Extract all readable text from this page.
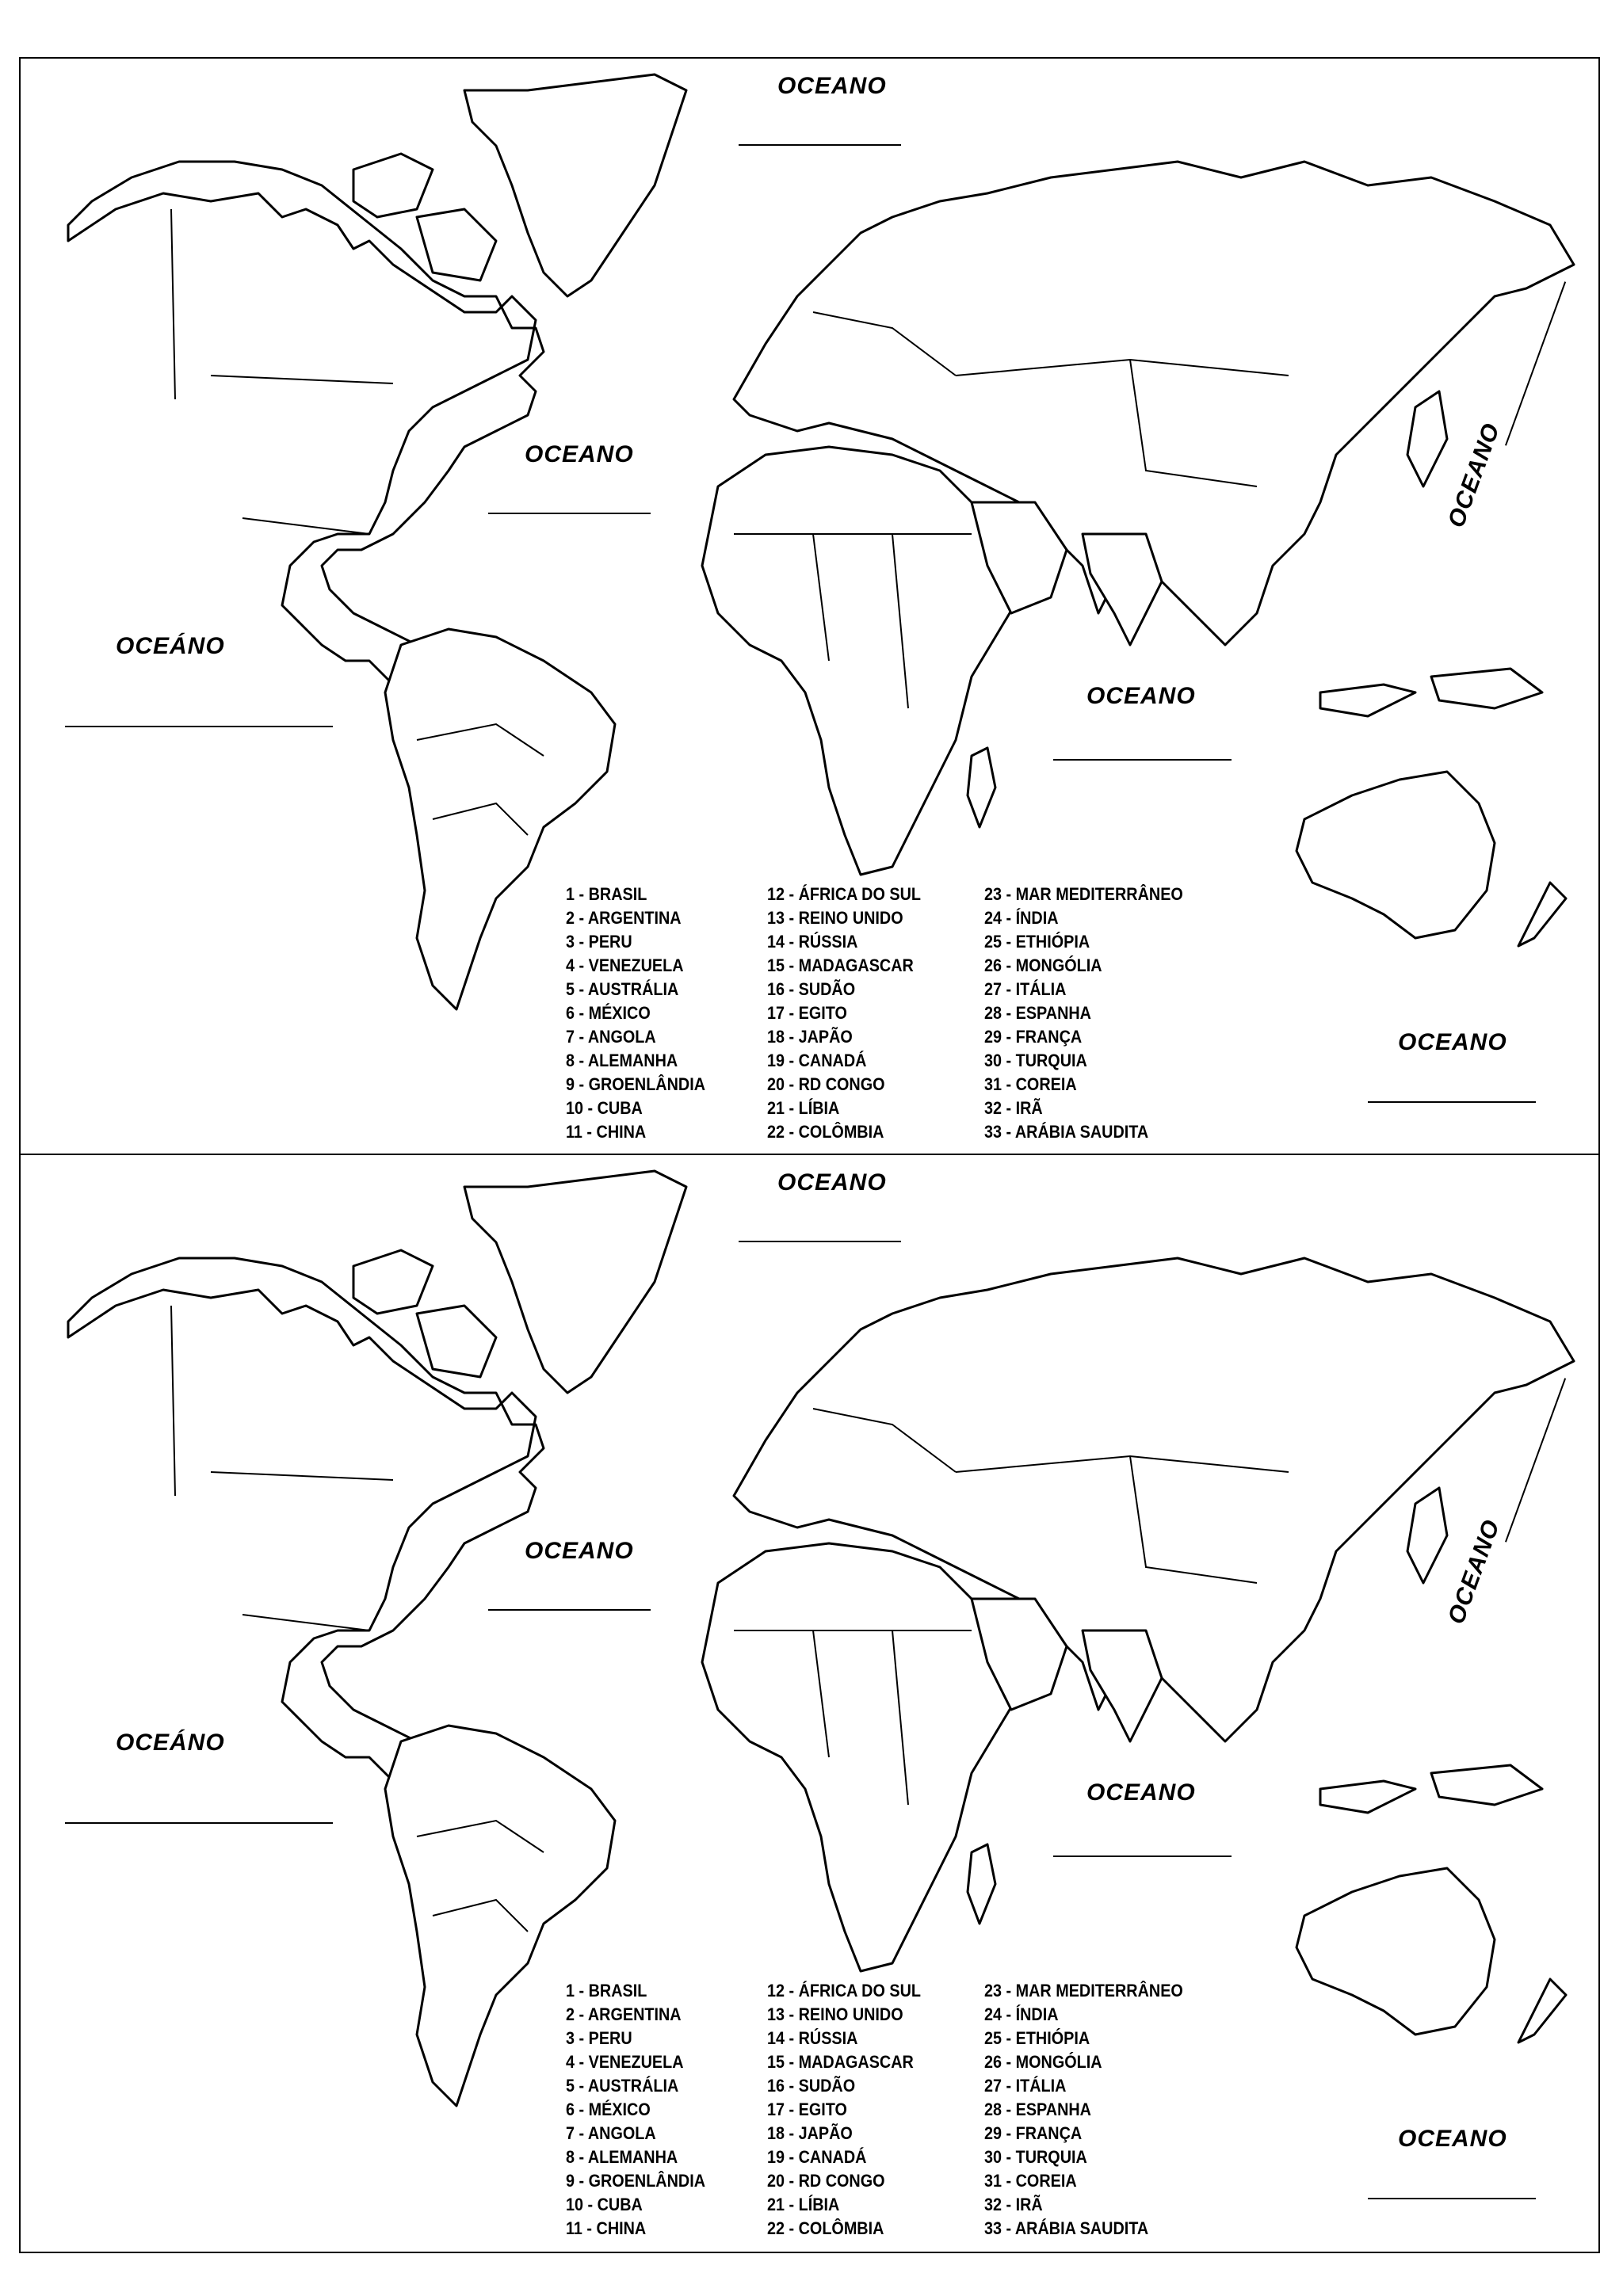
OCEANO
OCEANO
OCEÁNO
OCEANO
OCEANO
OCEANO
1 - BRASIL
2 - ARGENTINA
3 - PERU
4 - VENEZUELA
5 - AUSTRÁLIA
6 - MÉXICO
7 - ANGOLA
8 - ALEMANHA
9 - GROENLÂNDIA
10 - CUBA
11 - CHINA
12 - ÁFRICA DO SUL
13 - REINO UNIDO
14 - RÚSSIA
15 - MADAGASCAR
16 - SUDÃO
17 - EGITO
18 - JAPÃO
19 - CANADÁ
20 - RD CONGO
21 - LÍBIA
22 - COLÔMBIA
23 - MAR MEDITERRÂNEO
24 - ÍNDIA
25 - ETHIÓPIA
26 - MONGÓLIA
27 - ITÁLIA
28 - ESPANHA
29 - FRANÇA
30 - TURQUIA
31 - COREIA
32 - IRÃ
33 - ARÁBIA SAUDITA
OCEANO
OCEANO
OCEÁNO
OCEANO
OCEANO
OCEANO
1 - BRASIL
2 - ARGENTINA
3 - PERU
4 - VENEZUELA
5 - AUSTRÁLIA
6 - MÉXICO
7 - ANGOLA
8 - ALEMANHA
9 - GROENLÂNDIA
10 - CUBA
11 - CHINA
12 - ÁFRICA DO SUL
13 - REINO UNIDO
14 - RÚSSIA
15 - MADAGASCAR
16 - SUDÃO
17 - EGITO
18 - JAPÃO
19 - CANADÁ
20 - RD CONGO
21 - LÍBIA
22 - COLÔMBIA
23 - MAR MEDITERRÂNEO
24 - ÍNDIA
25 - ETHIÓPIA
26 - MONGÓLIA
27 - ITÁLIA
28 - ESPANHA
29 - FRANÇA
30 - TURQUIA
31 - COREIA
32 - IRÃ
33 - ARÁBIA SAUDITA
